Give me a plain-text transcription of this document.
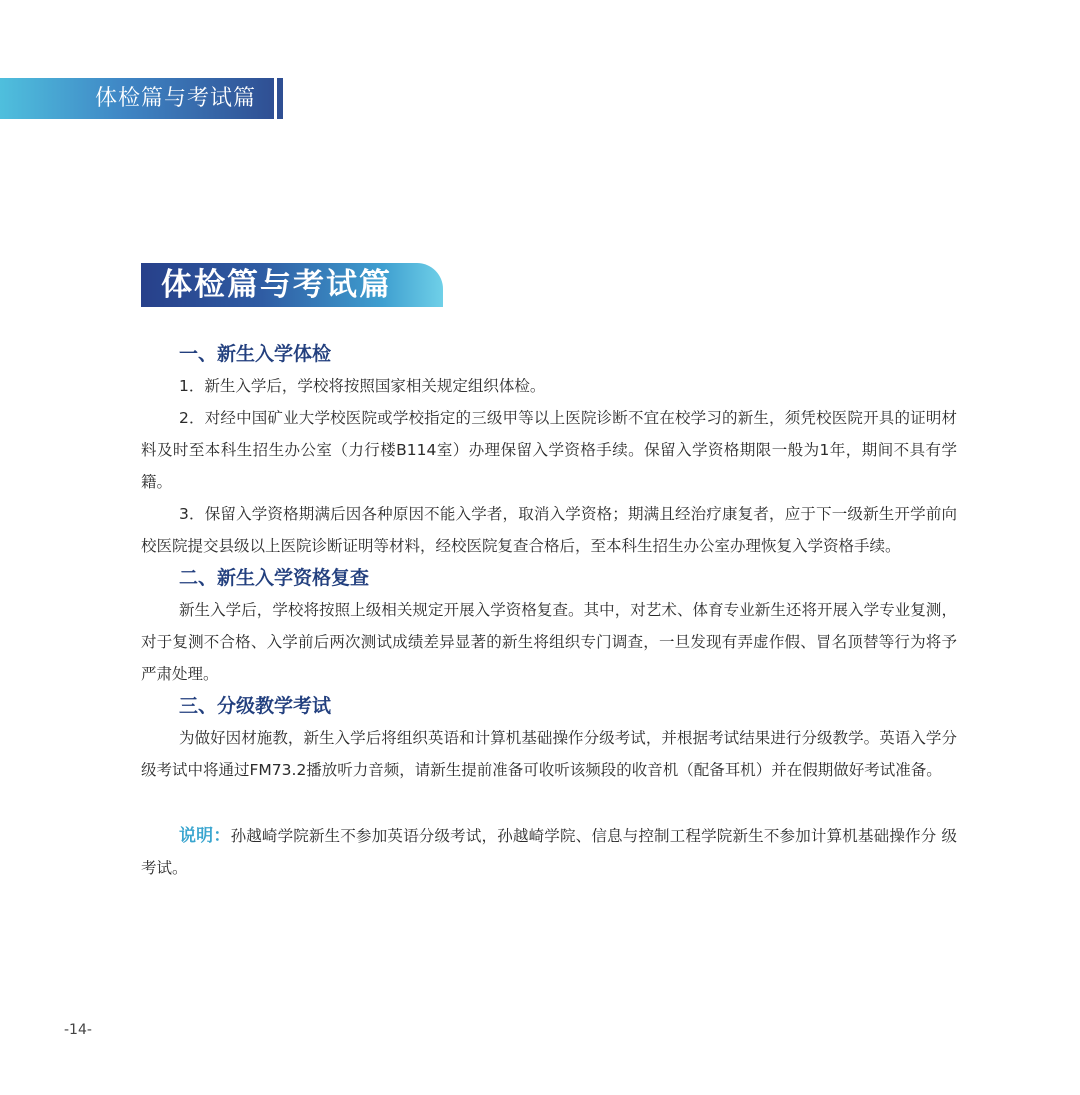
体检篇与考试篇
体检篇与考试篇
一、新生入学体检

1．新生入学后，学校将按照国家相关规定组织体检。

2．对经中国矿业大学校医院或学校指定的三级甲等以上医院诊断不宜在校学习的新生，须凭校医院开具的证明材料及时至本科生招生办公室（力行楼B114室）办理保留入学资格手续。保留入学资格期限一般为1年，期间不具有学籍。

3．保留入学资格期满后因各种原因不能入学者，取消入学资格；期满且经治疗康复者，应于下一级新生开学前向校医院提交县级以上医院诊断证明等材料，经校医院复查合格后，至本科生招生办公室办理恢复入学资格手续。

二、新生入学资格复查

新生入学后，学校将按照上级相关规定开展入学资格复查。其中，对艺术、体育专业新生还将开展入学专业复测，对于复测不合格、入学前后两次测试成绩差异显著的新生将组织专门调查，一旦发现有弄虚作假、冒名顶替等行为将予严肃处理。

三、分级教学考试

为做好因材施教，新生入学后将组织英语和计算机基础操作分级考试，并根据考试结果进行分级教学。英语入学分级考试中将通过FM73.2播放听力音频，请新生提前准备可收听该频段的收音机（配备耳机）并在假期做好考试准备。

说明：孙越崎学院新生不参加英语分级考试，孙越崎学院、信息与控制工程学院新生不参加计算机基础操作分 级考试。

-14-
